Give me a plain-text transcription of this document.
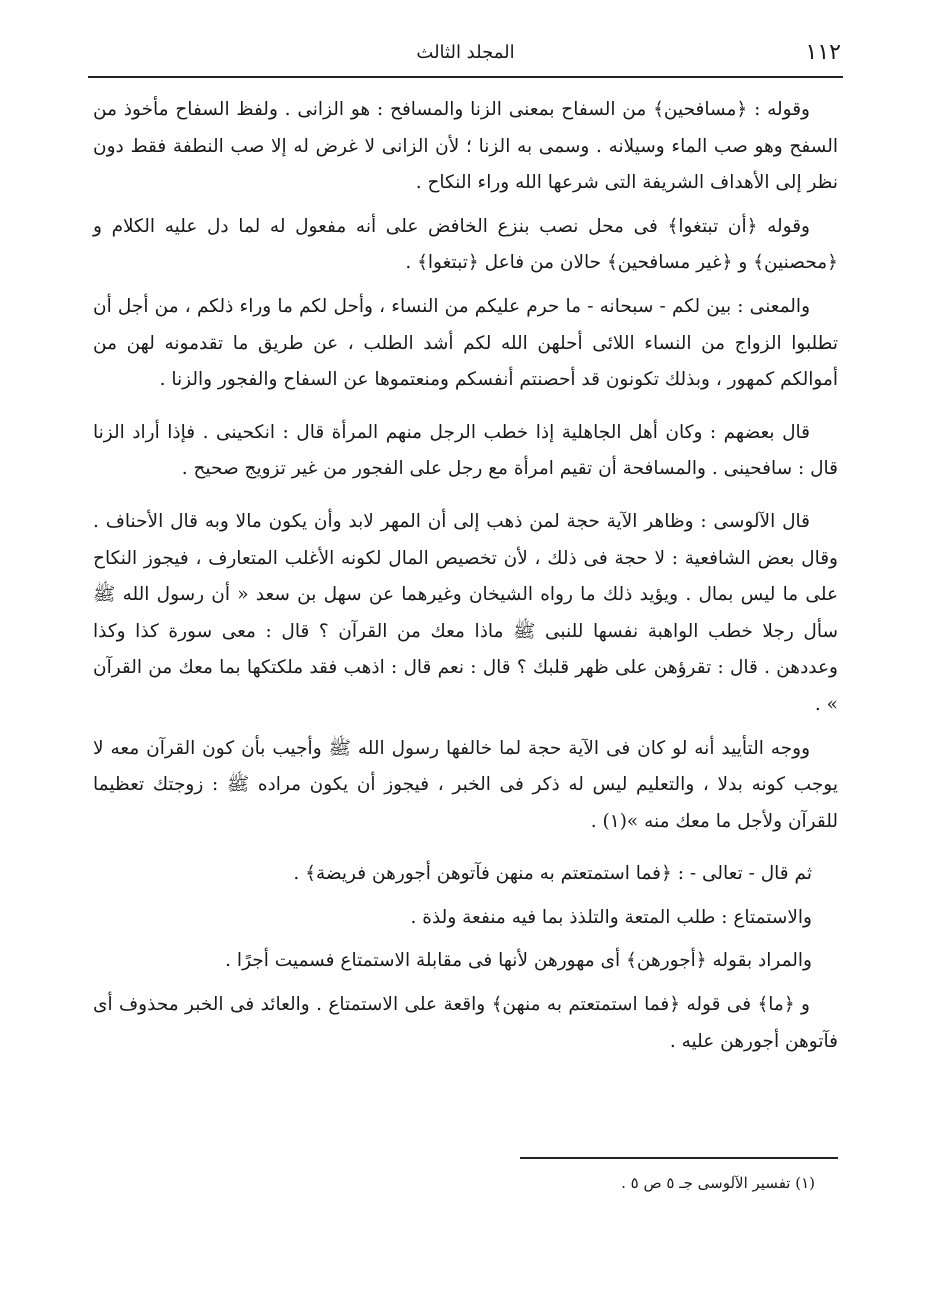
١١٢
المجلد الثالث

وقوله : ﴿مسافحين﴾ من السفاح بمعنى الزنا والمسافح : هو الزانى . ولفظ السفاح مأخوذ من السفح وهو صب الماء وسيلانه . وسمى به الزنا ؛ لأن الزانى لا غرض له إلا صب النطفة فقط دون نظر إلى الأهداف الشريفة التى شرعها الله وراء النكاح .

وقوله ﴿أن تبتغوا﴾ فى محل نصب بنزع الخافض على أنه مفعول له لما دل عليه الكلام و ﴿محصنين﴾ و ﴿غير مسافحين﴾ حالان من فاعل ﴿تبتغوا﴾ .

والمعنى : بين لكم - سبحانه - ما حرم عليكم من النساء ، وأحل لكم ما وراء ذلكم ، من أجل أن تطلبوا الزواج من النساء اللائى أحلهن الله لكم أشد الطلب ، عن طريق ما تقدمونه لهن من أموالكم كمهور ، وبذلك تكونون قد أحصنتم أنفسكم ومنعتموها عن السفاح والفجور والزنا .

قال بعضهم : وكان أهل الجاهلية إذا خطب الرجل منهم المرأة قال : انكحينى . فإذا أراد الزنا قال : سافحينى . والمسافحة أن تقيم امرأة مع رجل على الفجور من غير تزويج صحيح .

قال الآلوسى : وظاهر الآية حجة لمن ذهب إلى أن المهر لابد وأن يكون مالا وبه قال الأحناف . وقال بعض الشافعية : لا حجة فى ذلك ، لأن تخصيص المال لكونه الأغلب المتعارف ، فيجوز النكاح على ما ليس بمال . ويؤيد ذلك ما رواه الشيخان وغيرهما عن سهل بن سعد « أن رسول الله ﷺ سأل رجلا خطب الواهبة نفسها للنبى ﷺ ماذا معك من القرآن ؟ قال : معى سورة كذا وكذا وعددهن . قال : تقرؤهن على ظهر قلبك ؟ قال : نعم قال : اذهب فقد ملكتكها بما معك من القرآن » .

ووجه التأييد أنه لو كان فى الآية حجة لما خالفها رسول الله ﷺ وأجيب بأن كون القرآن معه لا يوجب كونه بدلا ، والتعليم ليس له ذكر فى الخبر ، فيجوز أن يكون مراده ﷺ : زوجتك تعظيما للقرآن ولأجل ما معك منه »(١) .

ثم قال - تعالى - : ﴿فما استمتعتم به منهن فآتوهن أجورهن فريضة﴾ .

والاستمتاع : طلب المتعة والتلذذ بما فيه منفعة ولذة .

والمراد بقوله ﴿أجورهن﴾ أى مهورهن لأنها فى مقابلة الاستمتاع فسميت أجرًا .

و ﴿ما﴾ فى قوله ﴿فما استمتعتم به منهن﴾ واقعة على الاستمتاع . والعائد فى الخبر محذوف أى فآتوهن أجورهن عليه .

(١) تفسير الآلوسى جـ ٥ ص ٥ .
